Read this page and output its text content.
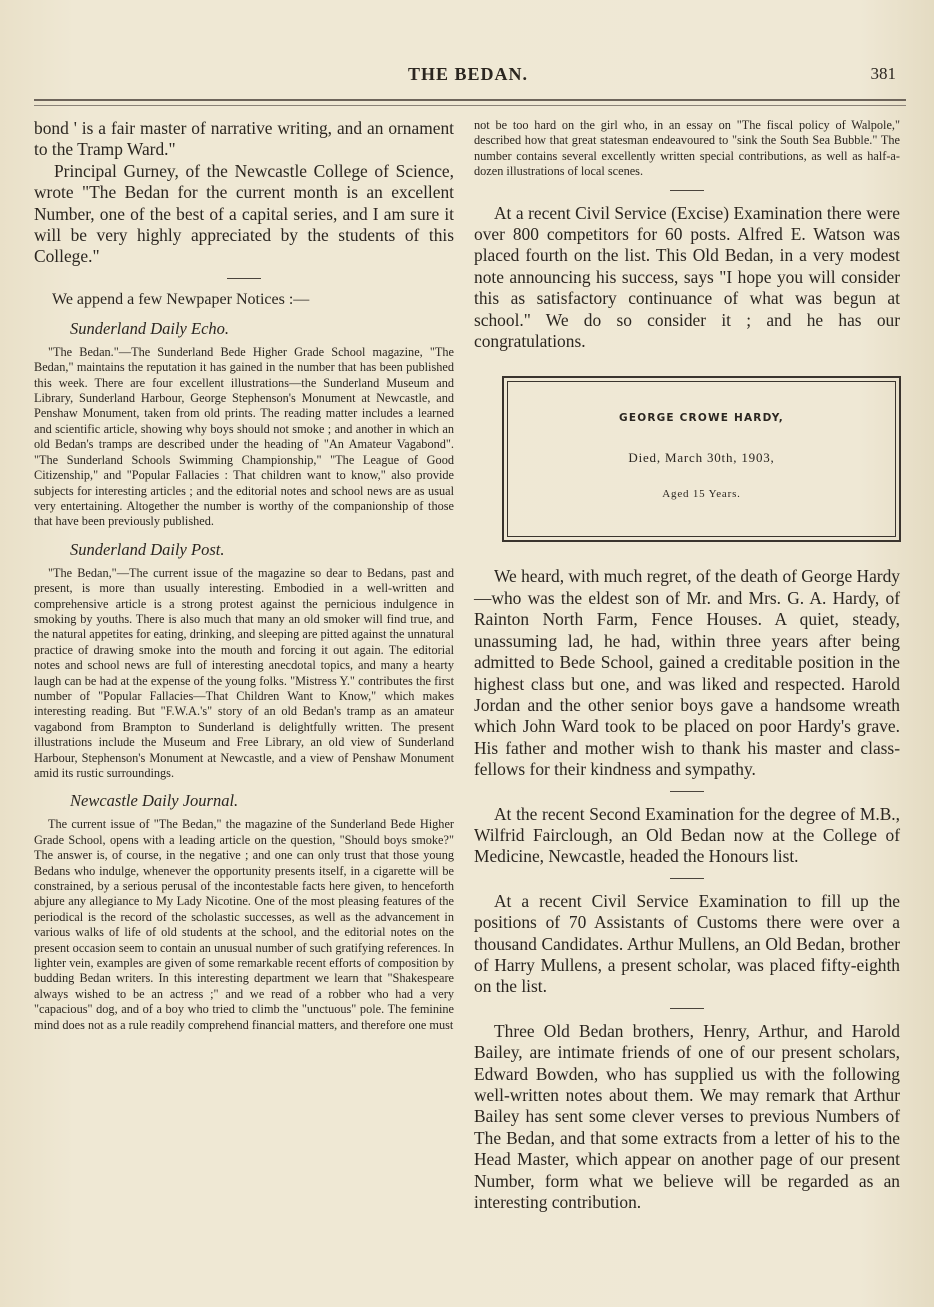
THE BEDAN.	381

bond ' is a fair master of narrative writing, and an ornament to the Tramp Ward."

Principal Gurney, of the Newcastle College of Science, wrote "The Bedan for the current month is an excellent Number, one of the best of a capital series, and I am sure it will be very highly appreciated by the students of this College."

We append a few Newpaper Notices :—
Sunderland Daily Echo.

"The Bedan."—The Sunderland Bede Higher Grade School magazine, "The Bedan," maintains the reputation it has gained in the number that has been published this week. There are four excellent illustrations—the Sunderland Museum and Library, Sunderland Harbour, George Stephenson's Monument at Newcastle, and Penshaw Monument, taken from old prints. The reading matter includes a learned and scientific article, showing why boys should not smoke ; and another in which an old Bedan's tramps are described under the heading of "An Amateur Vagabond". "The Sunderland Schools Swimming Championship," "The League of Good Citizenship," and "Popular Fallacies : That children want to know," also provide subjects for interesting articles ; and the editorial notes and school news are as usual very entertaining. Altogether the number is worthy of the companionship of those that have been previously published.

Sunderland Daily Post.

"The Bedan,"—The current issue of the magazine so dear to Bedans, past and present, is more than usually interesting. Embodied in a well-written and comprehensive article is a strong protest against the pernicious indulgence in smoking by youths. There is also much that many an old smoker will find true, and the natural appetites for eating, drinking, and sleeping are pitted against the unnatural practice of drawing smoke into the mouth and forcing it out again. The editorial notes and school news are full of interesting anecdotal topics, and many a hearty laugh can be had at the expense of the young folks. "Mistress Y." contributes the first number of "Popular Fallacies—That Children Want to Know," which makes interesting reading. But "F.W.A.'s" story of an old Bedan's tramp as an amateur vagabond from Brampton to Sunderland is delightfully written. The present illustrations include the Museum and Free Library, an old view of Sunderland Harbour, Stephenson's Monument at Newcastle, and a view of Penshaw Monument amid its rustic surroundings.

Newcastle Daily Journal.

The current issue of "The Bedan," the magazine of the Sunderland Bede Higher Grade School, opens with a leading article on the question, "Should boys smoke?" The answer is, of course, in the negative ; and one can only trust that those young Bedans who indulge, whenever the opportunity presents itself, in a cigarette will be constrained, by a serious perusal of the incontestable facts here given, to henceforth abjure any allegiance to My Lady Nicotine. One of the most pleasing features of the periodical is the record of the scholastic successes, as well as the advancement in various walks of life of old students at the school, and the editorial notes on the present occasion seem to contain an unusual number of such gratifying references. In lighter vein, examples are given of some remarkable recent efforts of composition by budding Bedan writers. In this interesting department we learn that "Shakespeare always wished to be an actress ;" and we read of a robber who had a very "capacious" dog, and of a boy who tried to climb the "unctuous" pole. The feminine mind does not as a rule readily comprehend financial matters, and therefore one must

not be too hard on the girl who, in an essay on "The fiscal policy of Walpole," described how that great statesman endeavoured to "sink the South Sea Bubble." The number contains several excellently written special contributions, as well as half-a-dozen illustrations of local scenes.

At a recent Civil Service (Excise) Examination there were over 800 competitors for 60 posts. Alfred E. Watson was placed fourth on the list. This Old Bedan, in a very modest note announcing his success, says "I hope you will consider this as satisfactory continuance of what was begun at school." We do so consider it ; and he has our congratulations.

GEORGE CROWE HARDY,
Died, March 30th, 1903,
Aged 15 Years.

We heard, with much regret, of the death of George Hardy—who was the eldest son of Mr. and Mrs. G. A. Hardy, of Rainton North Farm, Fence Houses. A quiet, steady, unassuming lad, he had, within three years after being admitted to Bede School, gained a creditable position in the highest class but one, and was liked and respected. Harold Jordan and the other senior boys gave a handsome wreath which John Ward took to be placed on poor Hardy's grave. His father and mother wish to thank his master and class-fellows for their kindness and sympathy.

At the recent Second Examination for the degree of M.B., Wilfrid Fairclough, an Old Bedan now at the College of Medicine, Newcastle, headed the Honours list.

At a recent Civil Service Examination to fill up the positions of 70 Assistants of Customs there were over a thousand Candidates. Arthur Mullens, an Old Bedan, brother of Harry Mullens, a present scholar, was placed fifty-eighth on the list.

Three Old Bedan brothers, Henry, Arthur, and Harold Bailey, are intimate friends of one of our present scholars, Edward Bowden, who has supplied us with the following well-written notes about them. We may remark that Arthur Bailey has sent some clever verses to previous Numbers of The Bedan, and that some extracts from a letter of his to the Head Master, which appear on another page of our present Number, form what we believe will be regarded as an interesting contribution.
